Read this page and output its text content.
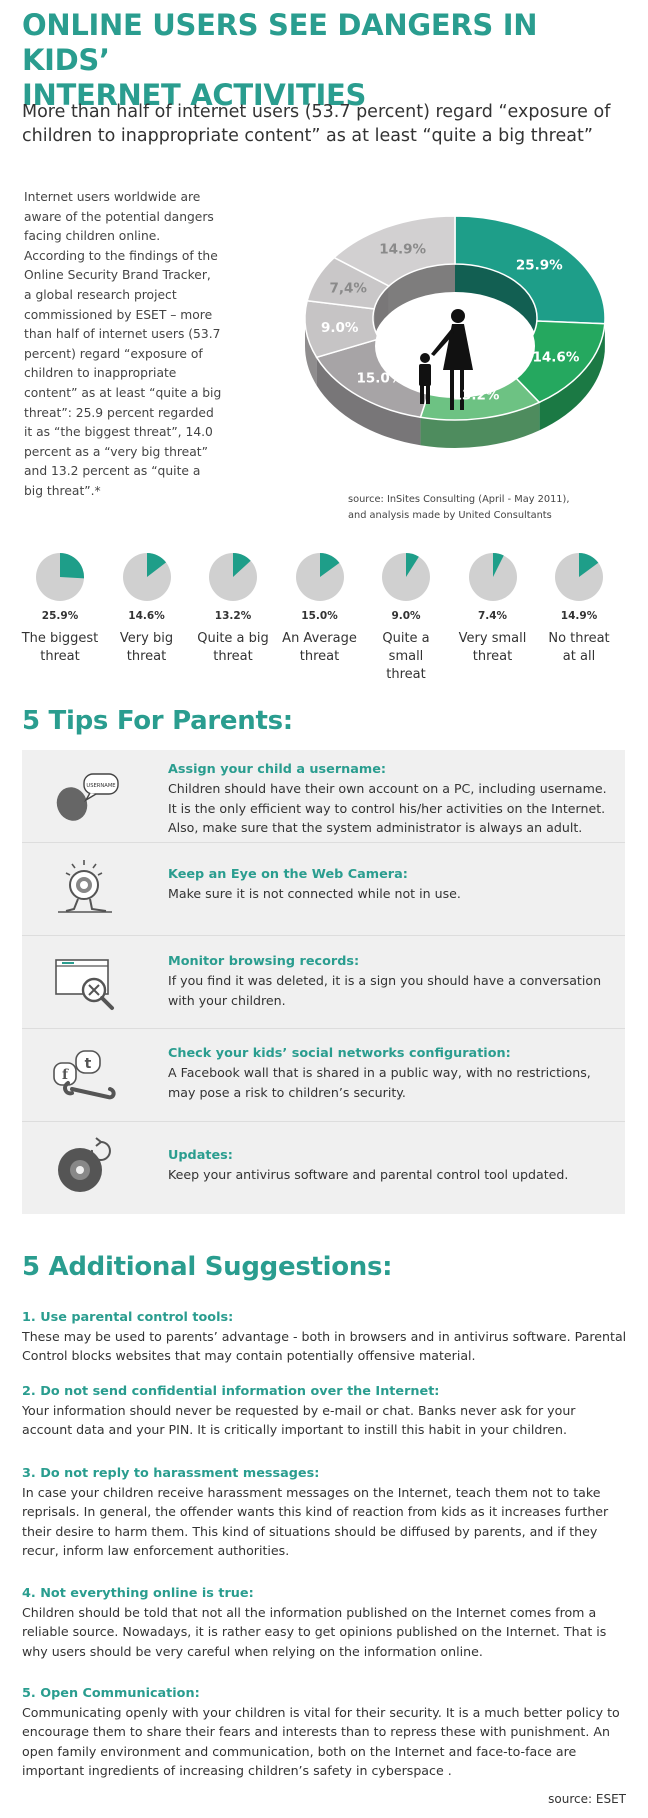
ONLINE USERS SEE DANGERS IN KIDS’
INTERNET ACTIVITIES
More than half of internet users (53.7 percent) regard “exposure of children to inappropriate content” as at least “quite a big threat”
Internet users worldwide are aware of the potential dangers facing children online. According to the findings of the Online Security Brand Tracker, a global research project commissioned by ESET – more than half of internet users (53.7 percent) regard “exposure of children to inappropriate content” as at least “quite a big threat”: 25.9 percent regarded it as “the biggest threat”, 14.0 percent as a “very big threat” and 13.2 percent as “quite a big threat”.*
25.9%
14.6%
13.2%
15.0%
9.0%
7,4%
14.9%
source: InSites Consulting (April - May 2011),
and analysis made by United Consultants
25.9%
The biggest
threat
14.6%
Very big
threat
13.2%
Quite a big
threat
15.0%
An Average
threat
9.0%
Quite a small
threat
7.4%
Very small
threat
14.9%
No threat
at all
5 Tips For Parents:
USERNAME
Assign your child a username:
Children should have their own account on a PC, including username. It is the only efficient way to control his/her activities on the Internet. Also, make sure that the system administrator is always an adult.
Keep an Eye on the Web Camera:
Make sure it is not connected while not in use.
Monitor browsing records:
If you find it was deleted, it is a sign you should have a conversation with your children.
f
t
Check your kids’ social networks configuration:
A Facebook wall that is shared in a public way, with no restrictions, may pose a risk to children’s security.
Updates:
Keep your antivirus software and parental control tool updated.
5 Additional Suggestions:
1. Use parental control tools:
These may be used to parents’ advantage - both in browsers and in antivirus software. Parental Control blocks websites that may contain potentially offensive material.
2. Do not send confidential information over the Internet:
Your information should never be requested by e-mail or chat. Banks never ask for your account data and your PIN. It is critically important to instill this habit in your children.
3. Do not reply to harassment messages:
In case your children receive harassment messages on the Internet, teach them not to take reprisals. In general, the offender wants this kind of reaction from kids as it increases further their desire to harm them. This kind of situations should be diffused by parents, and if they recur, inform law enforcement authorities.
4. Not everything online is true:
Children should be told that not all the information published on the Internet comes from a reliable source. Nowadays, it is rather easy to get opinions published on the Internet. That is why users should be very careful when relying on the information online.
5. Open Communication:
Communicating openly with your children is vital for their security. It is a much better policy to encourage them to share their fears and interests than to repress these with punishment. An open family environment and communication, both on the Internet and face-to-face are important ingredients of increasing children’s safety in cyberspace .
source: ESET
